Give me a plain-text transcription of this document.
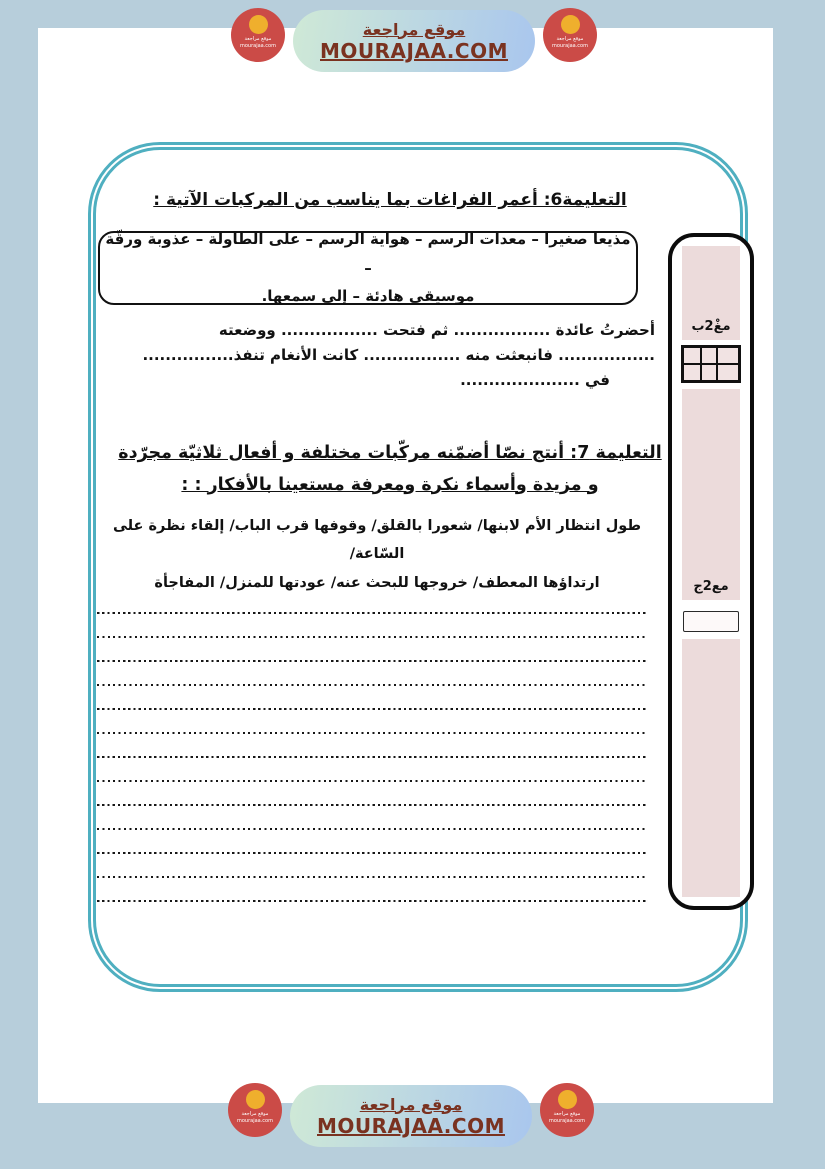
موقع مراجعة
mourajaa.com
موقع مراجعة
MOURAJAA.COM	موقع مراجعة
mourajaa.com
التعليمة6: أعمر الفراغات بما يناسب من المركبات الآتية :
مذيعا صغيرا – معدات الرسم – هواية الرسم – على الطاولة – عذوبة ورقّة –
موسيقى هادئة – إلى سمعها.
أحضرتُ عائدة ................. ثم فتحت ................. ووضعته
................. فانبعثت منه ................. كانت الأنغام تنفذ................
في .....................
التعليمة 7: أنتج نصّا أضمّنه مركّبات مختلفة و أفعال ثلاثيّة مجرّدة
و مزيدة وأسماء نكرة ومعرفة مستعينا بالأفكار : :
طول انتظار الأم لابنها/ شعورا بالقلق/ وقوفها قرب الباب/ إلقاء نظرة على السّاعة/
ارتداؤها المعطف/ خروجها للبحث عنه/ عودتها للمنزل/ المفاجأة
مغْ2ب
مع2ج
موقع مراجعة
mourajaa.com
موقع مراجعة
MOURAJAA.COM	موقع مراجعة
mourajaa.com
